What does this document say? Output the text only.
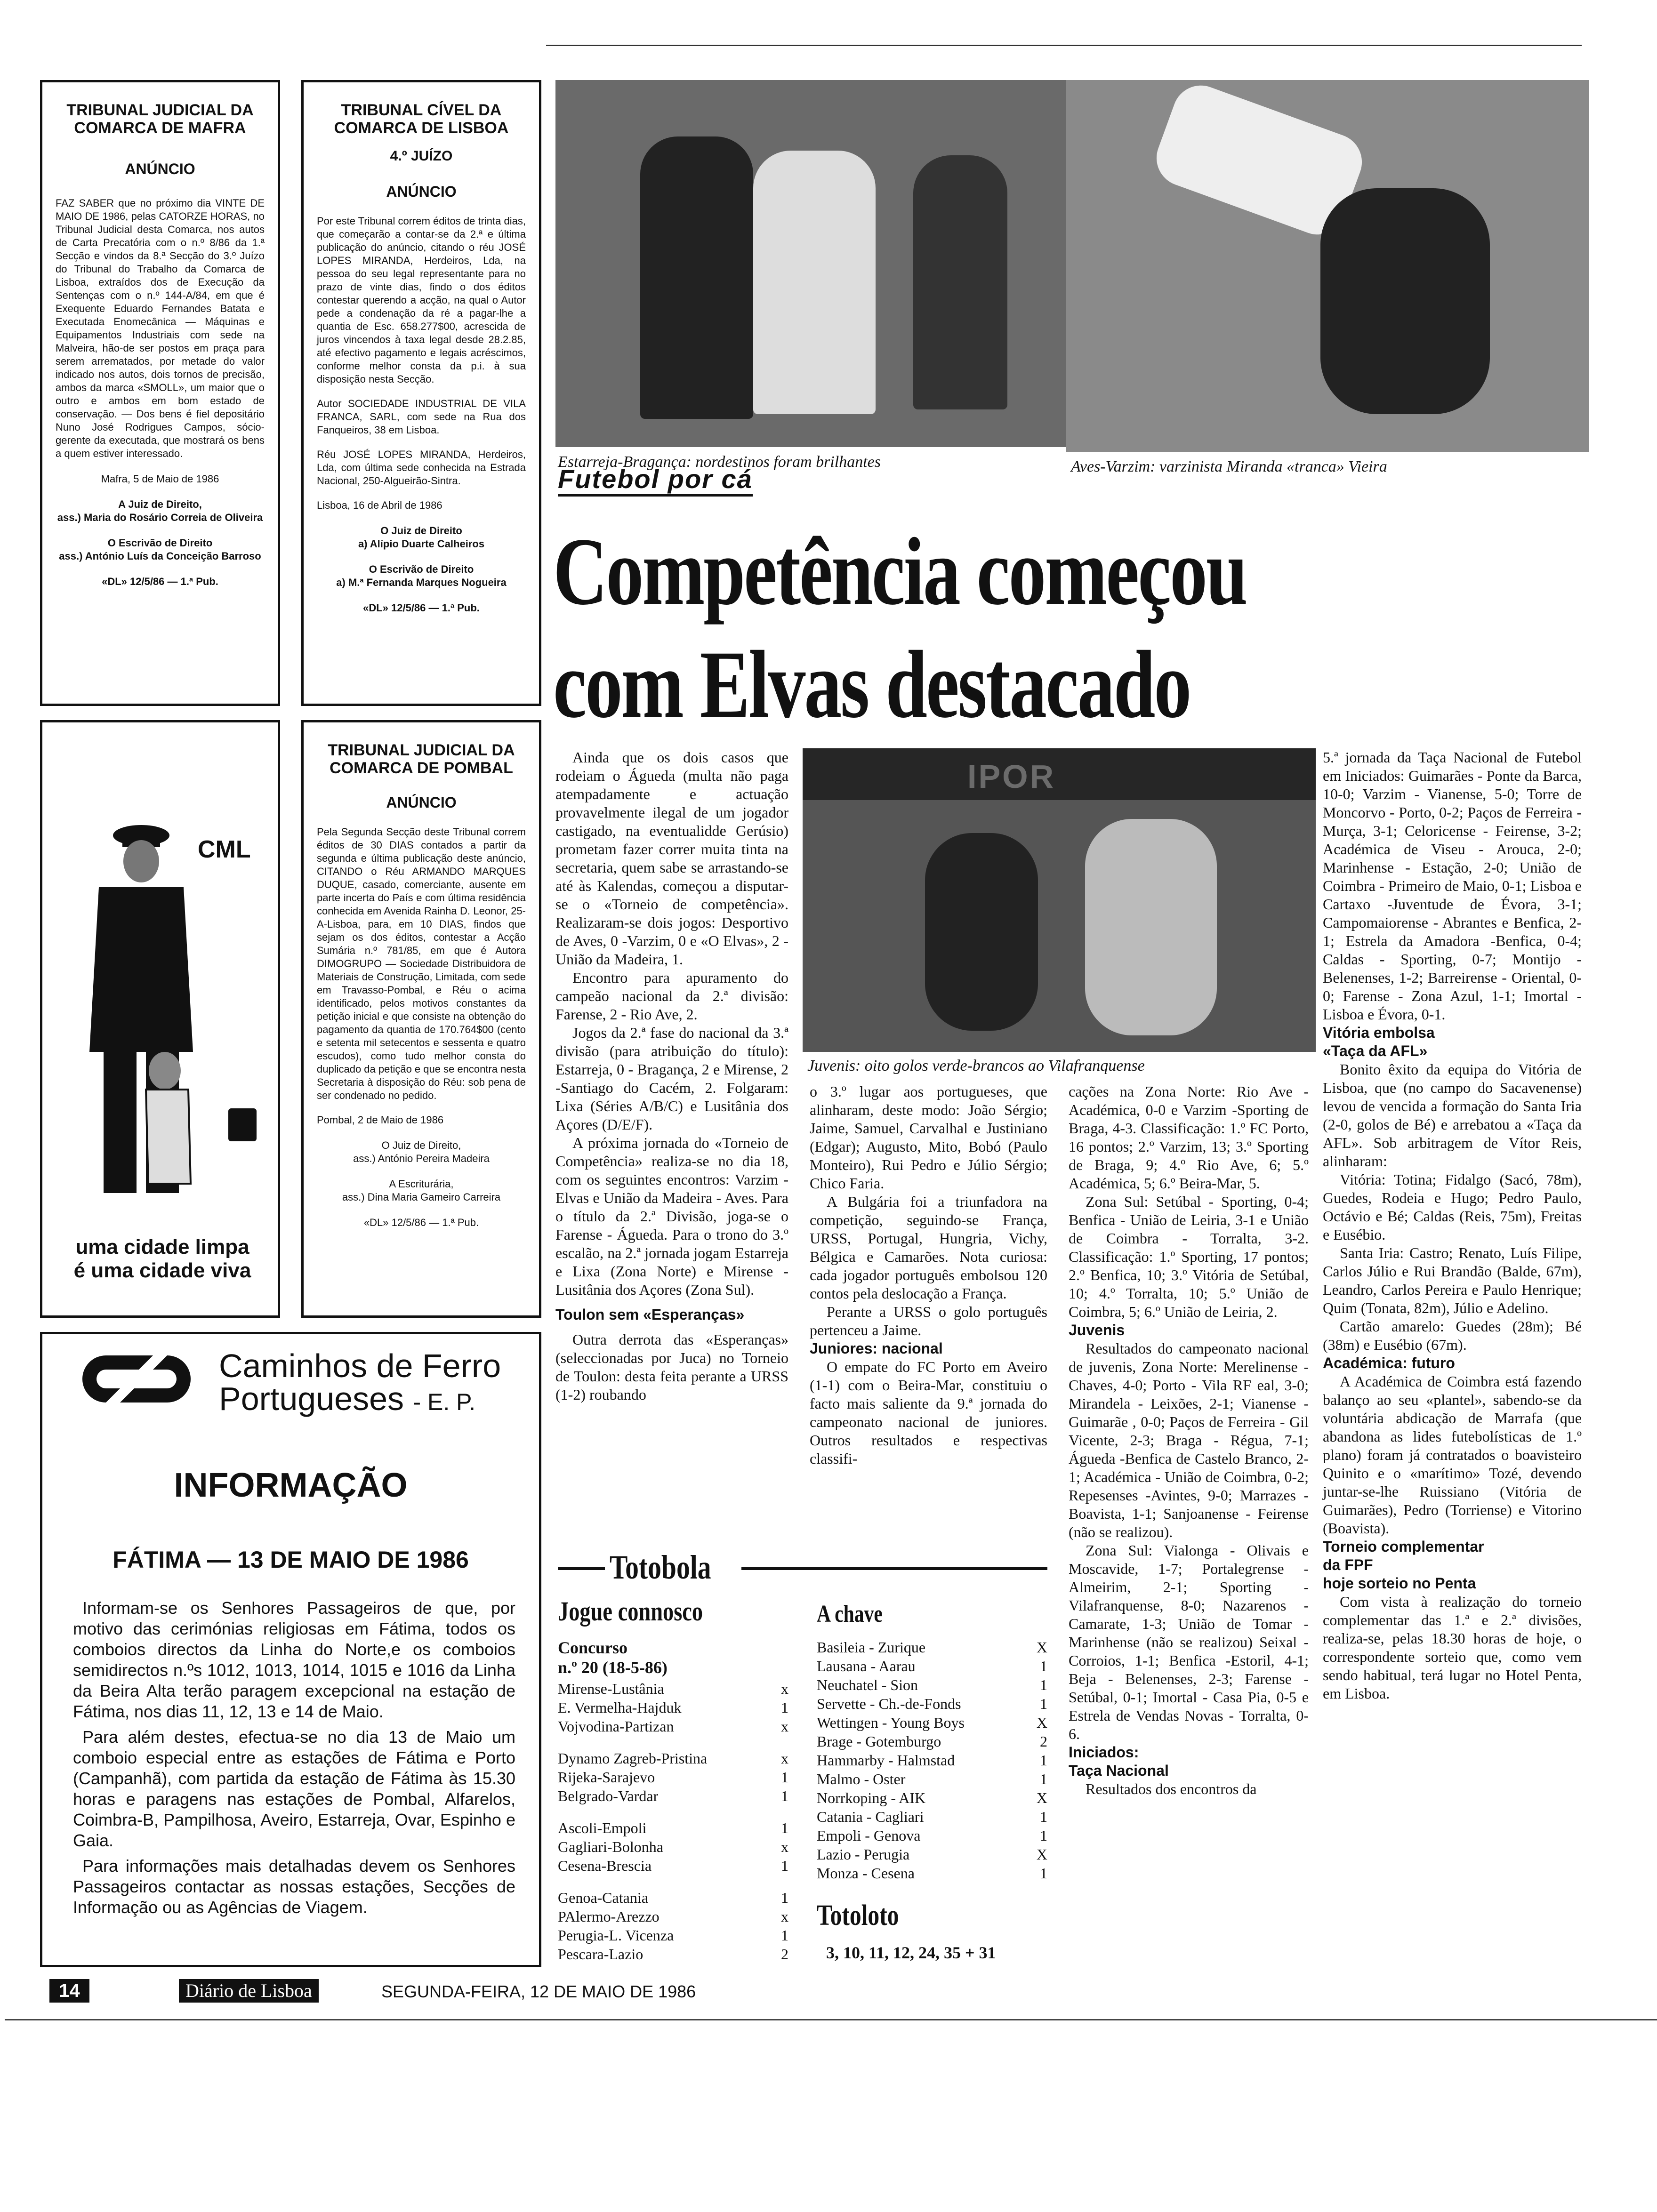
TRIBUNAL JUDICIAL DA COMARCA DE MAFRA
ANÚNCIO

FAZ SABER que no próximo dia VINTE DE MAIO DE 1986, pelas CATORZE HORAS, no Tribunal Judicial desta Comarca, nos autos de Carta Precatória com o n.º 8/86 da 1.ª Secção e vindos da 8.ª Secção do 3.º Juízo do Tribunal do Trabalho da Comarca de Lisboa, extraídos dos de Execução da Sentenças com o n.º 144-A/84, em que é Exequente Eduardo Fernandes Batata e Executada Enomecânica — Máquinas e Equipamentos Industriais com sede na Malveira, hão-de ser postos em praça para serem arrematados, por metade do valor indicado nos autos, dois tornos de precisão, ambos da marca «SMOLL», um maior que o outro e ambos em bom estado de conservação. — Dos bens é fiel depositário Nuno José Rodrigues Campos, sócio-gerente da executada, que mostrará os bens a quem estiver interessado.

Mafra, 5 de Maio de 1986
A Juiz de Direito,
ass.) Maria do Rosário Correia de Oliveira
O Escrivão de Direito
ass.) António Luís da Conceição Barroso
«DL» 12/5/86 — 1.ª Pub.
TRIBUNAL CÍVEL DA COMARCA DE LISBOA
4.º JUÍZO
ANÚNCIO

Por este Tribunal correm éditos de trinta dias, que começarão a contar-se da 2.ª e última publicação do anúncio, citando o réu JOSÉ LOPES MIRANDA, Herdeiros, Lda, na pessoa do seu legal representante para no prazo de vinte dias, findo o dos éditos contestar querendo a acção, na qual o Autor pede a condenação da ré a pagar-lhe a quantia de Esc. 658.277$00, acrescida de juros vincendos à taxa legal desde 28.2.85, até efectivo pagamento e legais acréscimos, conforme melhor consta da p.i. à sua disposição nesta Secção.

Autor SOCIEDADE INDUSTRIAL DE VILA FRANCA, SARL, com sede na Rua dos Fanqueiros, 38 em Lisboa.

Réu JOSÉ LOPES MIRANDA, Herdeiros, Lda, com última sede conhecida na Estrada Nacional, 250-Algueirão-Sintra.

Lisboa, 16 de Abril de 1986

O Juiz de Direito
a) Alípio Duarte Calheiros
O Escrivão de Direito
a) M.ª Fernanda Marques Nogueira
«DL» 12/5/86 — 1.ª Pub.
CML
uma cidade limpa
é uma cidade viva
TRIBUNAL JUDICIAL DA COMARCA DE POMBAL
ANÚNCIO

Pela Segunda Secção deste Tribunal correm éditos de 30 DIAS contados a partir da segunda e última publicação deste anúncio, CITANDO o Réu ARMANDO MARQUES DUQUE, casado, comerciante, ausente em parte incerta do País e com última residência conhecida em Avenida Rainha D. Leonor, 25-A-Lisboa, para, em 10 DIAS, findos que sejam os dos éditos, contestar a Acção Sumária n.º 781/85, em que é Autora DIMOGRUPO — Sociedade Distribuidora de Materiais de Construção, Limitada, com sede em Travasso-Pombal, e Réu o acima identificado, pelos motivos constantes da petição inicial e que consiste na obtenção do pagamento da quantia de 170.764$00 (cento e setenta mil setecentos e sessenta e quatro escudos), como tudo melhor consta do duplicado da petição e que se encontra nesta Secretaria à disposição do Réu: sob pena de ser condenado no pedido.

Pombal, 2 de Maio de 1986

O Juiz de Direito,
ass.) António Pereira Madeira
A Escriturária,
ass.) Dina Maria Gameiro Carreira
«DL» 12/5/86 — 1.ª Pub.
Caminhos de Ferro
Portugueses - E. P.
INFORMAÇÃO
FÁTIMA — 13 DE MAIO DE 1986

Informam-se os Senhores Passageiros de que, por motivo das cerimónias religiosas em Fátima, todos os comboios directos da Linha do Norte,e os comboios semidirectos n.ºs 1012, 1013, 1014, 1015 e 1016 da Linha da Beira Alta terão paragem excepcional na estação de Fátima, nos dias 11, 12, 13 e 14 de Maio.

Para além destes, efectua-se no dia 13 de Maio um comboio especial entre as estações de Fátima e Porto (Campanhã), com partida da estação de Fátima às 15.30 horas e paragens nas estações de Pombal, Alfarelos, Coimbra-B, Pampilhosa, Aveiro, Estarreja, Ovar, Espinho e Gaia.

Para informações mais detalhadas devem os Senhores Passageiros contactar as nossas estações, Secções de Informação ou as Agências de Viagem.

Estarreja-Bragança: nordestinos foram brilhantes	Aves-Varzim: varzinista Miranda «tranca» Vieira
Juvenis: oito golos verde-brancos ao Vilafranquense
Futebol por cá
Competência começou
com Elvas destacado

Ainda que os dois casos que rodeiam o Águeda (multa não paga atempadamente e actuação provavelmente ilegal de um jogador castigado, na eventualidde Gerúsio) prometam fazer correr muita tinta na secretaria, quem sabe se arrastando-se até às Kalendas, começou a disputar-se o «Torneio de competência». Realizaram-se dois jogos: Desportivo de Aves, 0 -Varzim, 0 e «O Elvas», 2 -União da Madeira, 1.

Encontro para apuramento do campeão nacional da 2.ª divisão: Farense, 2 - Rio Ave, 2.

Jogos da 2.ª fase do nacional da 3.ª divisão (para atribuição do título): Estarreja, 0 - Bragança, 2 e Mirense, 2 -Santiago do Cacém, 2. Folgaram: Lixa (Séries A/B/C) e Lusitânia dos Açores (D/E/F).

A próxima jornada do «Torneio de Competência» realiza-se no dia 18, com os seguintes encontros: Varzim - Elvas e União da Madeira - Aves. Para o título da 2.ª Divisão, joga-se o Farense - Águeda. Para o trono do 3.º escalão, na 2.ª jornada jogam Estarreja e Lixa (Zona Norte) e Mirense - Lusitânia dos Açores (Zona Sul).

Toulon sem «Esperanças»

Outra derrota das «Esperanças» (seleccionadas por Juca) no Torneio de Toulon: desta feita perante a URSS (1-2) roubando

o 3.º lugar aos portugueses, que alinharam, deste modo: João Sérgio; Jaime, Samuel, Carvalhal e Justiniano (Edgar); Augusto, Mito, Bobó (Paulo Monteiro), Rui Pedro e Júlio Sérgio; Chico Faria.

A Bulgária foi a triunfadora na competição, seguindo-se França, URSS, Portugal, Hungria, Vichy, Bélgica e Camarões. Nota curiosa: cada jogador português embolsou 120 contos pela deslocação a França.

Perante a URSS o golo português pertenceu a Jaime.

Juniores: nacional

O empate do FC Porto em Aveiro (1-1) com o Beira-Mar, constituiu o facto mais saliente da 9.ª jornada do campeonato nacional de juniores. Outros resultados e respectivas classifi-

cações na Zona Norte: Rio Ave -Académica, 0-0 e Varzim -Sporting de Braga, 4-3. Classificação: 1.º FC Porto, 16 pontos; 2.º Varzim, 13; 3.º Sporting de Braga, 9; 4.º Rio Ave, 6; 5.º Académica, 5; 6.º Beira-Mar, 5.

Zona Sul: Setúbal - Sporting, 0-4; Benfica - União de Leiria, 3-1 e União de Coimbra - Torralta, 3-2. Classificação: 1.º Sporting, 17 pontos; 2.º Benfica, 10; 3.º Vitória de Setúbal, 10; 4.º Torralta, 10; 5.º União de Coimbra, 5; 6.º União de Leiria, 2.

Juvenis

Resultados do campeonato nacional de juvenis, Zona Norte: Merelinense - Chaves, 4-0; Porto - Vila RF eal, 3-0; Mirandela - Leixões, 2-1; Vianense - Guimarãe , 0-0; Paços de Ferreira - Gil Vicente, 2-3; Braga - Régua, 7-1; Águeda -Benfica de Castelo Branco, 2-1; Académica - União de Coimbra, 0-2; Repesenses -Avintes, 9-0; Marrazes - Boavista, 1-1; Sanjoanense - Feirense (não se realizou).

Zona Sul: Vialonga - Olivais e Moscavide, 1-7; Portalegrense - Almeirim, 2-1; Sporting - Vilafranquense, 8-0; Nazarenos -Camarate, 1-3; União de Tomar -Marinhense (não se realizou) Seixal - Corroios, 1-1; Benfica -Estoril, 4-1; Beja - Belenenses, 2-3; Farense - Setúbal, 0-1; Imortal - Casa Pia, 0-5 e Estrela de Vendas Novas - Torralta, 0-6.

Iniciados:

Taça Nacional

Resultados dos encontros da

5.ª jornada da Taça Nacional de Futebol em Iniciados: Guimarães - Ponte da Barca, 10-0; Varzim - Vianense, 5-0; Torre de Moncorvo - Porto, 0-2; Paços de Ferreira - Murça, 3-1; Celoricense - Feirense, 3-2; Académica de Viseu - Arouca, 2-0; Marinhense - Estação, 2-0; União de Coimbra - Primeiro de Maio, 0-1; Lisboa e Cartaxo -Juventude de Évora, 3-1; Campomaiorense - Abrantes e Benfica, 2-1; Estrela da Amadora -Benfica, 0-4; Caldas - Sporting, 0-7; Montijo - Belenenses, 1-2; Barreirense - Oriental, 0-0; Farense - Zona Azul, 1-1; Imortal -Lisboa e Évora, 0-1.

Vitória embolsa

«Taça da AFL»

Bonito êxito da equipa do Vitória de Lisboa, que (no campo do Sacavenense) levou de vencida a formação do Santa Iria (2-0, golos de Bé) e arrebatou a «Taça da AFL». Sob arbitragem de Vítor Reis, alinharam:

Vitória: Totina; Fidalgo (Sacó, 78m), Guedes, Rodeia e Hugo; Pedro Paulo, Octávio e Bé; Caldas (Reis, 75m), Freitas e Eusébio.

Santa Iria: Castro; Renato, Luís Filipe, Carlos Júlio e Rui Brandão (Balde, 67m), Leandro, Carlos Pereira e Paulo Henrique; Quim (Tonata, 82m), Júlio e Adelino.

Cartão amarelo: Guedes (28m); Bé (38m) e Eusébio (67m).

Académica: futuro

A Académica de Coimbra está fazendo balanço ao seu «plantel», sabendo-se da voluntária abdicação de Marrafa (que abandona as lides futebolísticas de 1.º plano) foram já contratados o boavisteiro Quinito e o «marítimo» Tozé, devendo juntar-se-lhe Ruissiano (Vitória de Guimarães), Pedro (Torriense) e Vitorino (Boavista).

Torneio complementar

da FPF

hoje sorteio no Penta

Com vista à realização do torneio complementar das 1.ª e 2.ª divisões, realiza-se, pelas 18.30 horas de hoje, o correspondente sorteio que, como vem sendo habitual, terá lugar no Hotel Penta, em Lisboa.

Totobola
Jogue connosco
Concurso
n.º 20 (18-5-86)
Mirense-Lustânia	x
E. Vermelha-Hajduk	1
Vojvodina-Partizan	x
Dynamo Zagreb-Pristina	x
Rijeka-Sarajevo	1
Belgrado-Vardar	1
Ascoli-Empoli	1
Gagliari-Bolonha	x
Cesena-Brescia	1
Genoa-Catania	1
PAlermo-Arezzo	x
Perugia-L. Vicenza	1
Pescara-Lazio	2
A chave
Basileia - Zurique	X
Lausana - Aarau	1
Neuchatel - Sion	1
Servette - Ch.-de-Fonds	1
Wettingen - Young Boys	X
Brage - Gotemburgo	2
Hammarby - Halmstad	1
Malmo - Oster	1
Norrkoping - AIK	X
Catania - Cagliari	1
Empoli - Genova	1
Lazio - Perugia	X
Monza - Cesena	1
Totoloto
3, 10, 11, 12, 24, 35 + 31
14	Diário de Lisboa	SEGUNDA-FEIRA, 12 DE MAIO DE 1986
